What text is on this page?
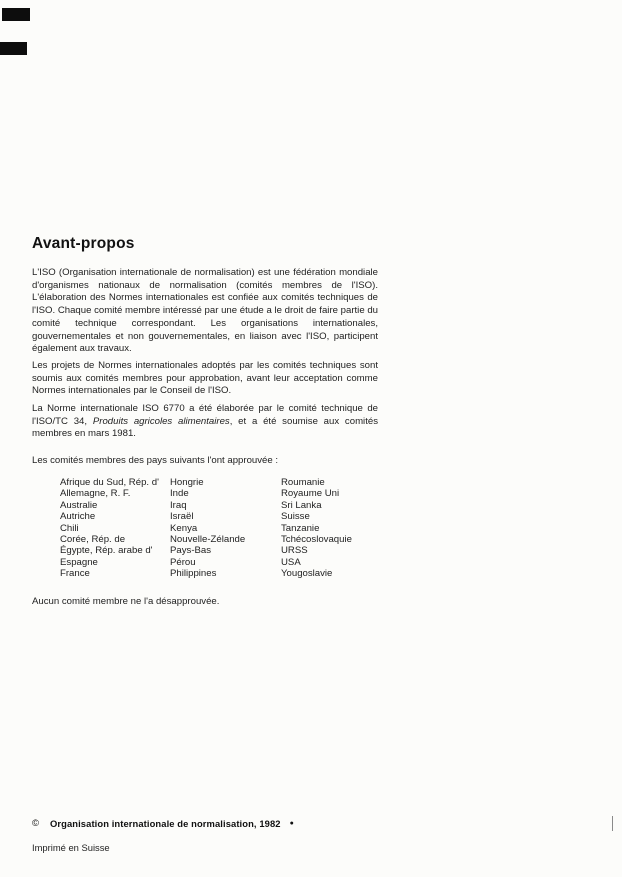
Avant-propos

L'ISO (Organisation internationale de normalisation) est une fédération mondiale d'organismes nationaux de normalisation (comités membres de l'ISO). L'élaboration des Normes internationales est confiée aux comités techniques de l'ISO. Chaque comité membre intéressé par une étude a le droit de faire partie du comité technique correspondant. Les organisations internationales, gouvernementales et non gouvernementales, en liaison avec l'ISO, participent également aux travaux.

Les projets de Normes internationales adoptés par les comités techniques sont soumis aux comités membres pour approbation, avant leur acceptation comme Normes internationales par le Conseil de l'ISO.

La Norme internationale ISO 6770 a été élaborée par le comité technique de l'ISO/TC 34, Produits agricoles alimentaires, et a été soumise aux comités membres en mars 1981.

Les comités membres des pays suivants l'ont approuvée :

Afrique du Sud, Rép. d'
Allemagne, R. F.
Australie
Autriche
Chili
Corée, Rép. de
Égypte, Rép. arabe d'
Espagne
France
Hongrie
Inde
Iraq
Israël
Kenya
Nouvelle-Zélande
Pays-Bas
Pérou
Philippines
Roumanie
Royaume Uni
Sri Lanka
Suisse
Tanzanie
Tchécoslovaquie
URSS
USA
Yougoslavie

Aucun comité membre ne l'a désapprouvée.

© Organisation internationale de normalisation, 1982 ●

Imprimé en Suisse
